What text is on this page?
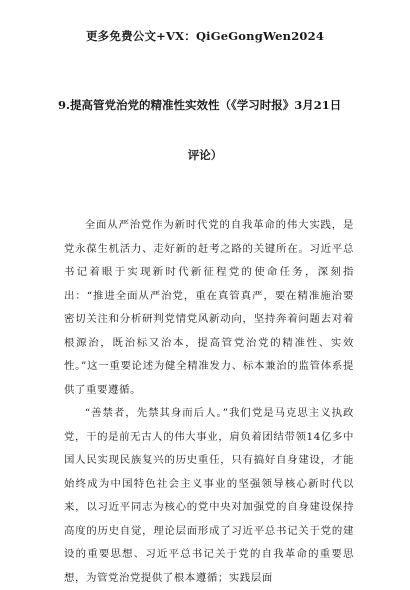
更多免费公文+VX：QiGeGongWen2024
9.提高管党治党的精准性实效性（《学习时报》3月21日
评论）

全面从严治党作为新时代党的自我革命的伟大实践，是党永葆生机活力、走好新的赶考之路的关键所在。习近平总书记着眼于实现新时代新征程党的使命任务，深刻指出：“推进全面从严治党，重在真管真严，要在精准施治要密切关注和分析研判党情党风新动向，坚持奔着问题去对着根源治，既治标又治本，提高管党治党的精准性、实效性。”这一重要论述为健全精准发力、标本兼治的监管体系提供了重要遵循。

“善禁者，先禁其身而后人。”我们党是马克思主义执政党，干的是前无古人的伟大事业，肩负着团结带领14亿多中国人民实现民族复兴的历史重任，只有搞好自身建设，才能始终成为中国特色社会主义事业的坚强领导核心新时代以来，以习近平同志为核心的党中央对加强党的自身建设保持高度的历史自觉，理论层面形成了习近平总书记关于党的建设的重要思想、习近平总书记关于党的自我革命的重要思想，为管党治党提供了根本遵循；实践层面
